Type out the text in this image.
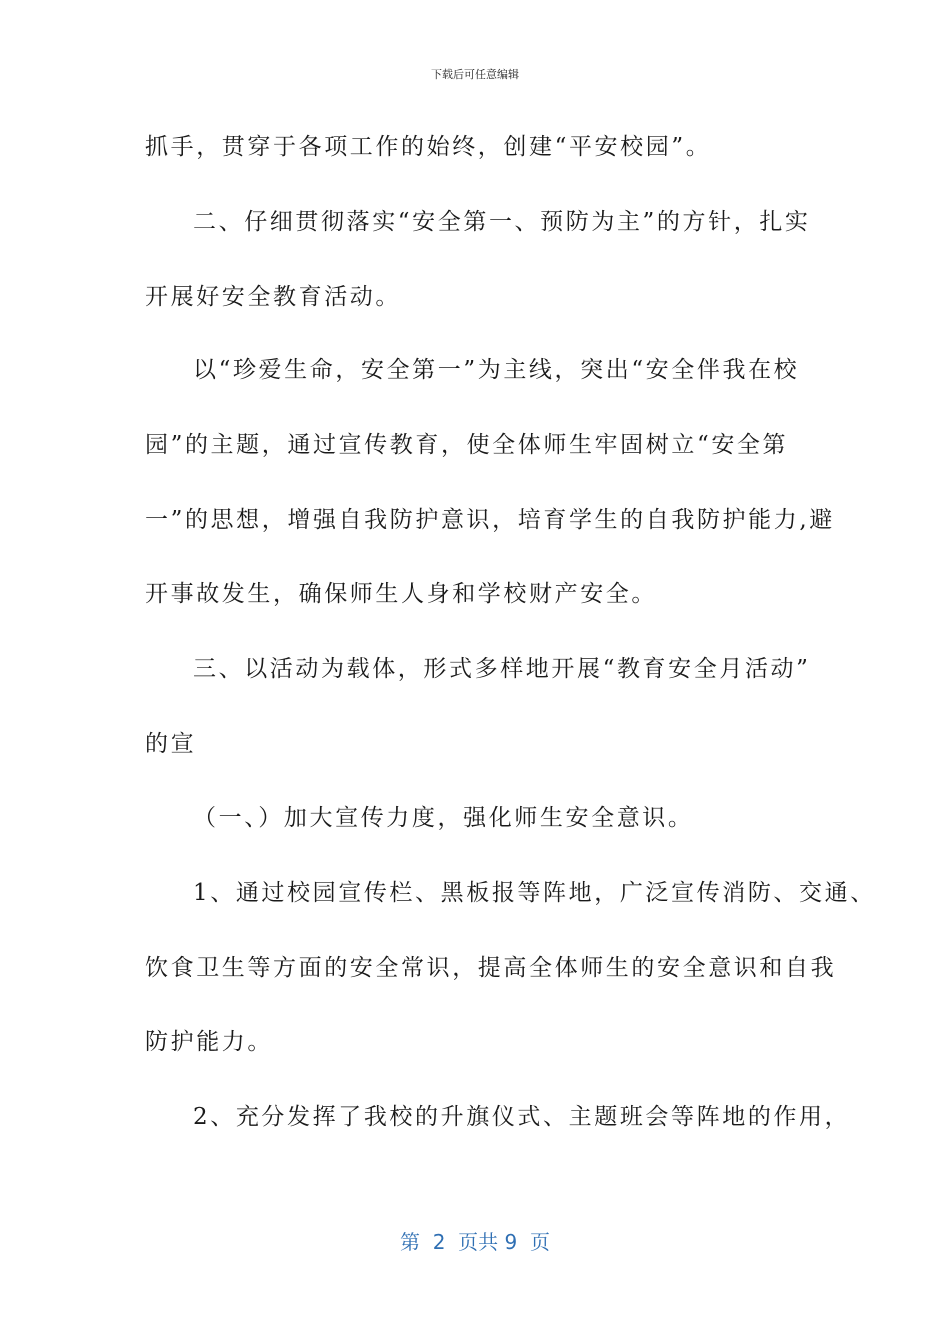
下载后可任意编辑
抓手，贯穿于各项工作的始终，创建“平安校园”。
二、仔细贯彻落实“安全第一、预防为主”的方针，扎实
开展好安全教育活动。
以“珍爱生命，安全第一”为主线，突出“安全伴我在校
园”的主题，通过宣传教育，使全体师生牢固树立“安全第
一”的思想，增强自我防护意识，培育学生的自我防护能力,避
开事故发生，确保师生人身和学校财产安全。
三、以活动为载体，形式多样地开展“教育安全月活动”
的宣
（一、）加大宣传力度，强化师生安全意识。
1、通过校园宣传栏、黑板报等阵地，广泛宣传消防、交通、
饮食卫生等方面的安全常识，提高全体师生的安全意识和自我
防护能力。
2、充分发挥了我校的升旗仪式、主题班会等阵地的作用，
第  2  页共 9  页
